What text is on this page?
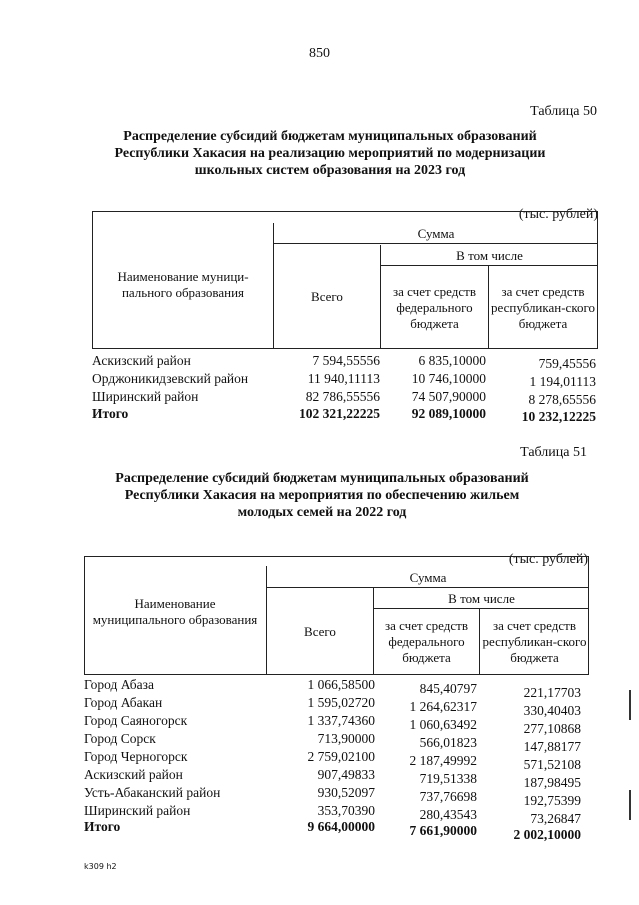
850
Таблица 50
Распределение субсидий бюджетам муниципальных образований
Республики Хакасия на реализацию мероприятий по модернизации
школьных систем образования на 2023 год
(тыс. рублей)
Наименование муници-пального образования
Сумма
Всего
В том числе
за счет средств федерального бюджета
за счет средств республикан-ского бюджета
Аскизский район	7 594,55556	6 835,10000	759,45556
Орджоникидзевский район	11 940,11113 10 746,10000	1 194,01113
Ширинский район	82 786,55556 74 507,90000	8 278,65556
Итого	102 321,22225 92 089,10000	10 232,12225
Таблица 51
Распределение субсидий бюджетам муниципальных образований
Республики Хакасия на мероприятия по обеспечению жильем
молодых семей на 2022 год
(тыс. рублей)
Наименование муниципального образования
Сумма
Всего
В том числе
за счет средств федерального бюджета
за счет средств республикан-ского бюджета
Город Абаза	1 066,58500	845,40797	221,17703
Город Абакан	1 595,02720	1 264,62317	330,40403
Город Саяногорск	1 337,74360	1 060,63492	277,10868
Город Сорск	713,90000	566,01823	147,88177
Город Черногорск	2 759,02100	2 187,49992	571,52108
Аскизский район	907,49833	719,51338	187,98495
Усть-Абаканский район	930,52097	737,76698	192,75399
Ширинский район	353,70390	280,43543	73,26847
Итого	9 664,00000	7 661,90000	2 002,10000
k309 h2
